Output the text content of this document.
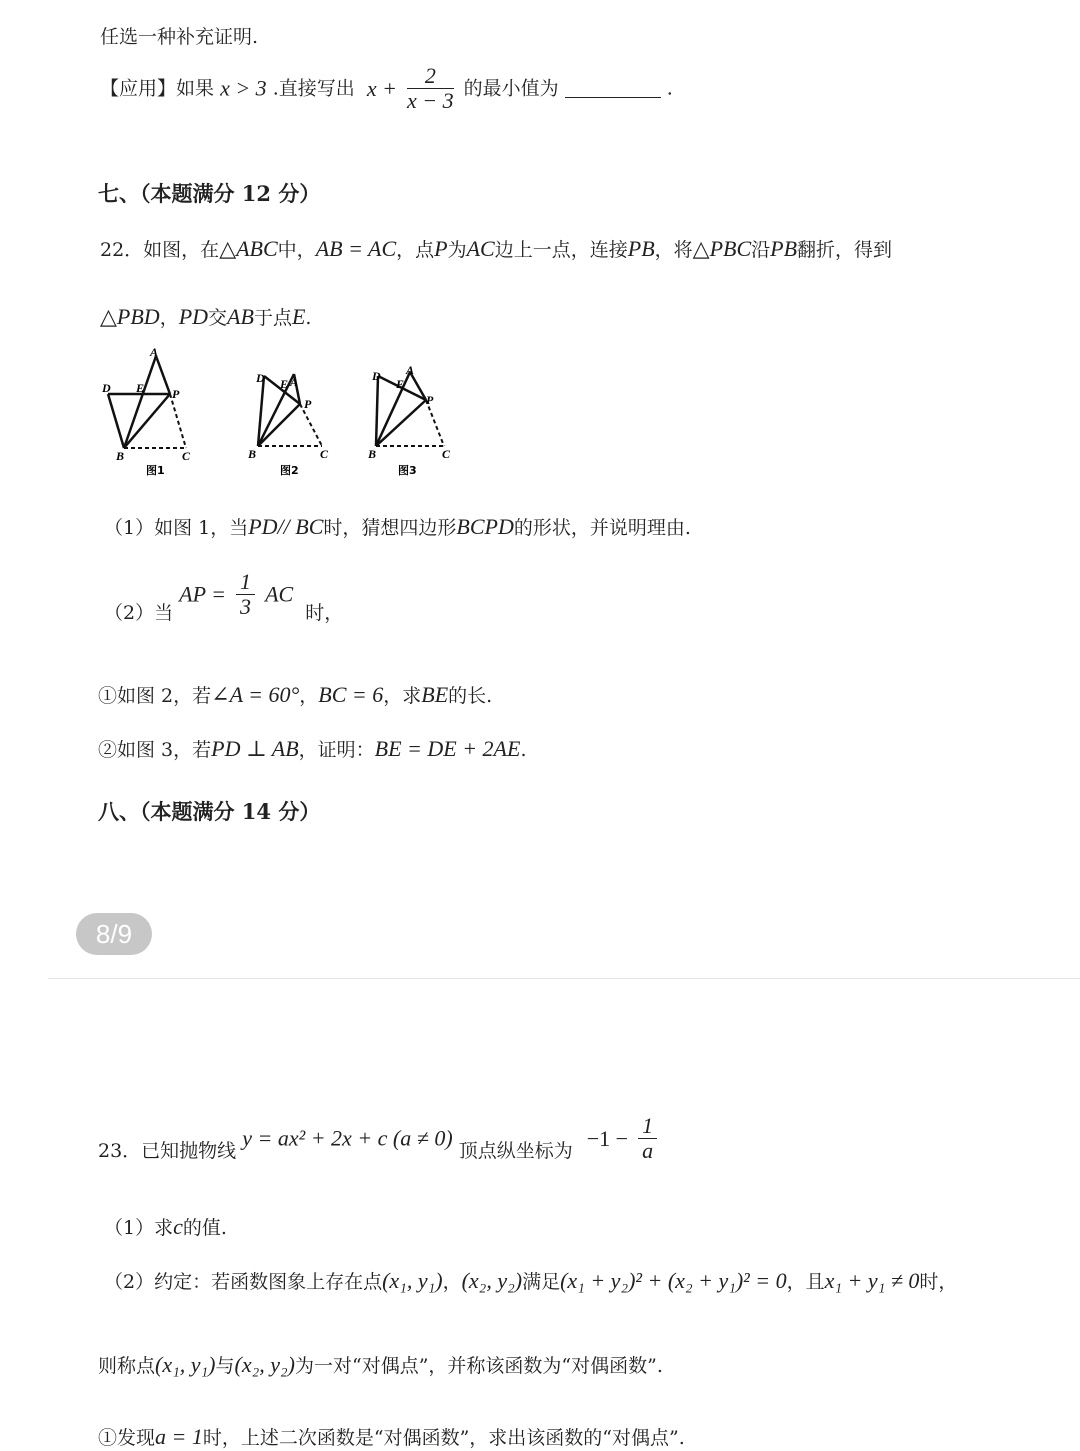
任选一种补充证明.
【应用】如果 x > 3 .直接写出 $x + \frac{2}{x - 3}$ 的最小值为	.
七、（本题满分 12 分）
22．如图，在△ABC中，AB = AC，点P为AC边上一点，连接PB，将△PBC沿PB翻折，得到
△PBD，PD交AB于点E.
A
D E P
B	C
图1
D E A
P
B	C
图2
D
E
A
P
B	C
图3
（1）如图 1，当PD// BC时，猜想四边形BCPD的形状，并说明理由.
（2）当 AP = $\frac{1}{3}$ AC 时，
①如图 2，若∠A = 60°，BC = 6，求BE的长.
②如图 3，若PD ⊥ AB，证明：BE = DE + 2AE.
八、（本题满分 14 分）
8/9
23．已知抛物线 y = ax² + 2x + c (a ≠ 0) 顶点纵坐标为 $-1 - \frac{1}{a}$
（1）求c的值.
（2）约定：若函数图象上存在点(x₁, y₁)，(x₂, y₂)满足(x₁ + y₂)² + (x₂ + y₁)² = 0，且x₁ + y₁ ≠ 0时，
则称点(x₁, y₁)与(x₂, y₂)为一对“对偶点”，并称该函数为“对偶函数”.
①发现a = 1时，上述二次函数是“对偶函数”，求出该函数的“对偶点”.
